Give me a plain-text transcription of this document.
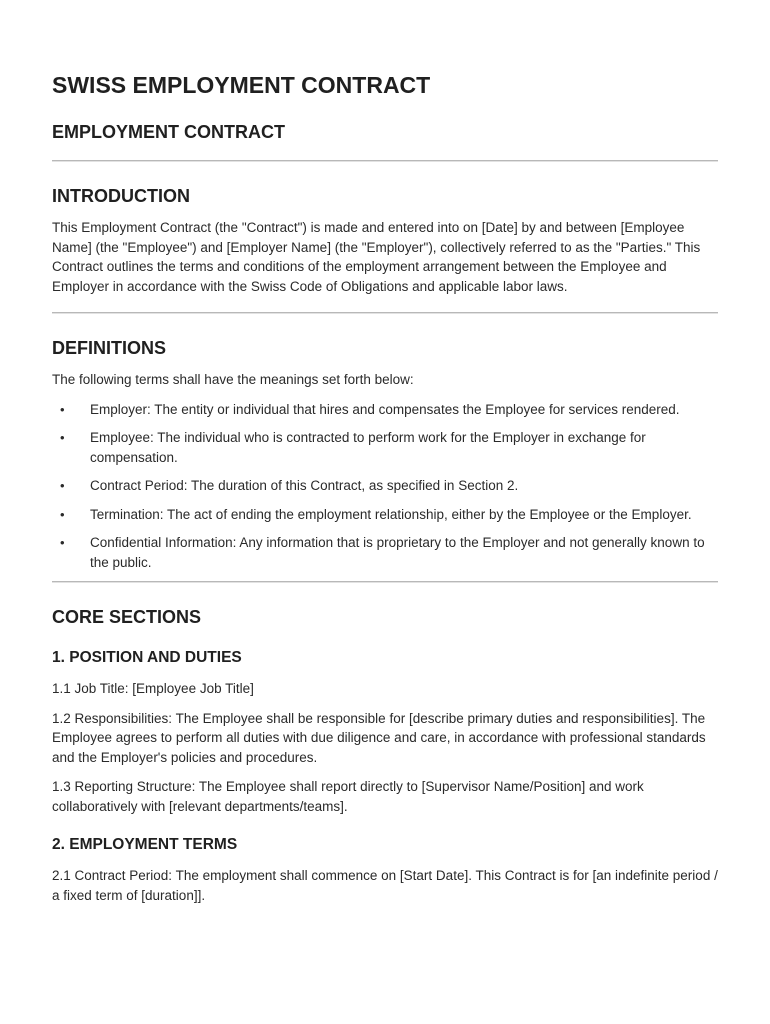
SWISS EMPLOYMENT CONTRACT
EMPLOYMENT CONTRACT
INTRODUCTION

This Employment Contract (the "Contract") is made and entered into on [Date] by and between [Employee Name] (the "Employee") and [Employer Name] (the "Employer"), collectively referred to as the "Parties." This Contract outlines the terms and conditions of the employment arrangement between the Employee and Employer in accordance with the Swiss Code of Obligations and applicable labor laws.

DEFINITIONS

The following terms shall have the meanings set forth below:

• Employer: The entity or individual that hires and compensates the Employee for services rendered.
• Employee: The individual who is contracted to perform work for the Employer in exchange for compensation.
• Contract Period: The duration of this Contract, as specified in Section 2.
• Termination: The act of ending the employment relationship, either by the Employee or the Employer.
• Confidential Information: Any information that is proprietary to the Employer and not generally known to the public.
CORE SECTIONS
1. POSITION AND DUTIES

1.1 Job Title: [Employee Job Title]

1.2 Responsibilities: The Employee shall be responsible for [describe primary duties and responsibilities]. The Employee agrees to perform all duties with due diligence and care, in accordance with professional standards and the Employer's policies and procedures.

1.3 Reporting Structure: The Employee shall report directly to [Supervisor Name/Position] and work collaboratively with [relevant departments/teams].

2. EMPLOYMENT TERMS

2.1 Contract Period: The employment shall commence on [Start Date]. This Contract is for [an indefinite period / a fixed term of [duration]].
